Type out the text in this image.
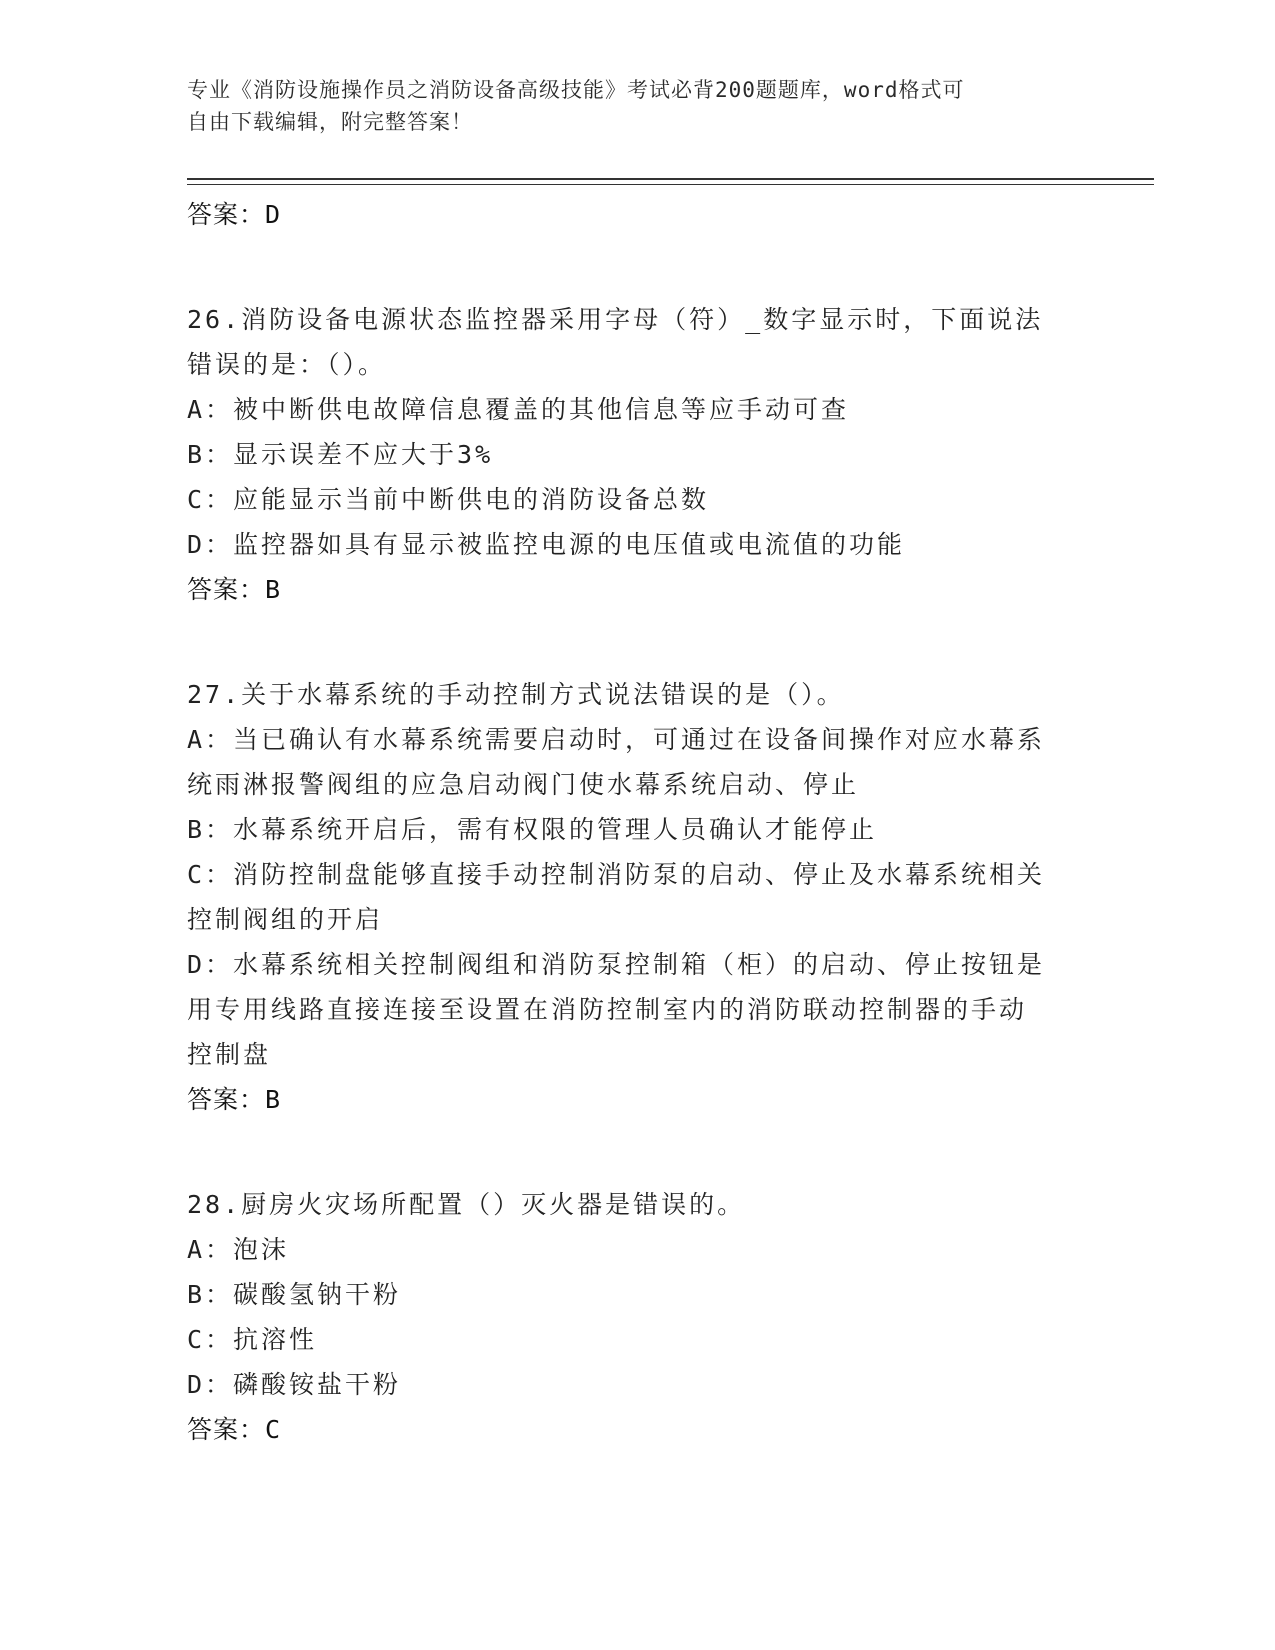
专业《消防设施操作员之消防设备高级技能》考试必背200题题库，word格式可
自由下载编辑，附完整答案！
答案：D
26.消防设备电源状态监控器采用字母（符）_数字显示时，下面说法
错误的是：（）。
A：被中断供电故障信息覆盖的其他信息等应手动可查
B：显示误差不应大于3%
C：应能显示当前中断供电的消防设备总数
D：监控器如具有显示被监控电源的电压值或电流值的功能
答案：B
27.关于水幕系统的手动控制方式说法错误的是（）。
A：当已确认有水幕系统需要启动时，可通过在设备间操作对应水幕系
统雨淋报警阀组的应急启动阀门使水幕系统启动、停止
B：水幕系统开启后，需有权限的管理人员确认才能停止
C：消防控制盘能够直接手动控制消防泵的启动、停止及水幕系统相关
控制阀组的开启
D：水幕系统相关控制阀组和消防泵控制箱（柜）的启动、停止按钮是
用专用线路直接连接至设置在消防控制室内的消防联动控制器的手动
控制盘
答案：B
28.厨房火灾场所配置（）灭火器是错误的。
A：泡沫
B：碳酸氢钠干粉
C：抗溶性
D：磷酸铵盐干粉
答案：C
